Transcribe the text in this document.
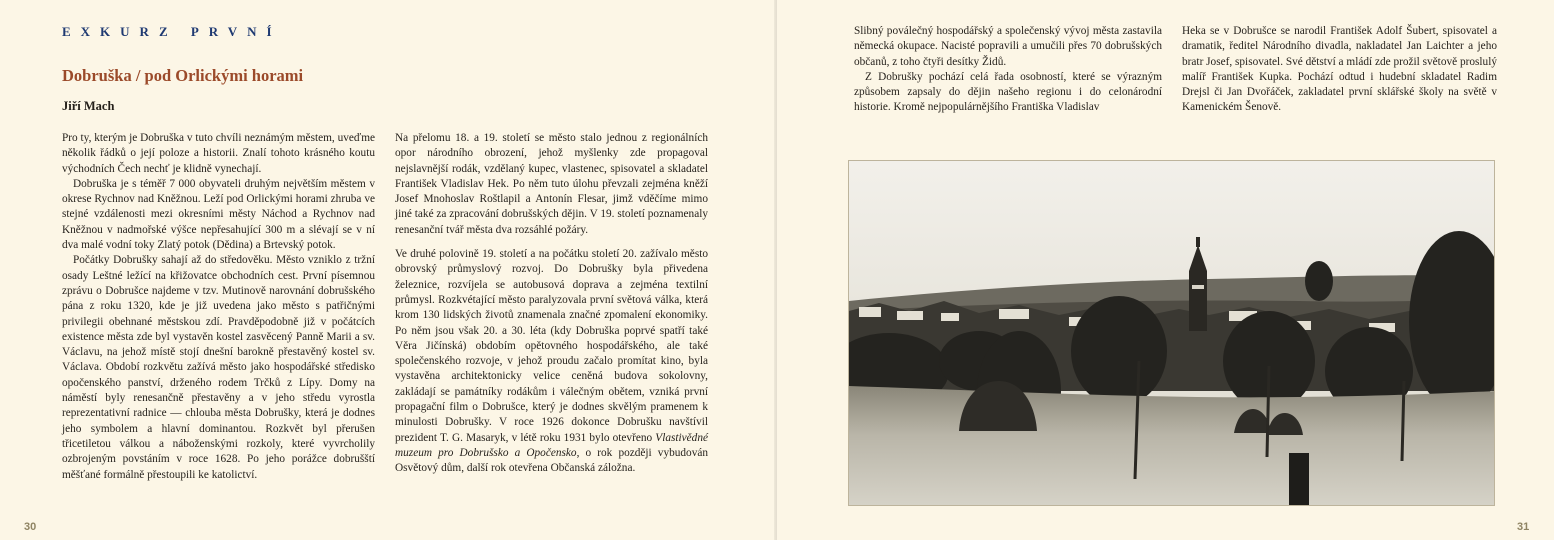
EXKURZ PRVNÍ
Dobruška / pod Orlickými horami
Jiří Mach

Pro ty, kterým je Dobruška v tuto chvíli neznámým městem, uveďme několik řádků o její poloze a historii. Znalí tohoto krásného koutu východních Čech nechť je klidně vynechají.

Dobruška je s téměř 7 000 obyvateli druhým největším městem v okrese Rychnov nad Kněžnou. Leží pod Orlickými horami zhruba ve stejné vzdálenosti mezi okresními městy Náchod a Rychnov nad Kněžnou v nadmořské výšce nepřesahující 300 m a slévají se v ní dva malé vodní toky Zlatý potok (Dědina) a Brtevský potok.

Počátky Dobrušky sahají až do středověku. Město vzniklo z tržní osady Leštné ležící na křižovatce obchodních cest. První písemnou zprávu o Dobrušce najdeme v tzv. Mutinově narovnání dobrušského pána z roku 1320, kde je již uvedena jako město s patřičnými privilegii obehnané městskou zdí. Pravděpodobně již v počátcích existence města zde byl vystavěn kostel zasvěcený Panně Marii a sv. Václavu, na jehož místě stojí dnešní barokně přestavěný kostel sv. Václava. Období rozkvětu zažívá město jako hospodářské středisko opočenského panství, drženého rodem Trčků z Lípy. Domy na náměstí byly renesančně přestavěny a v jeho středu vyrostla reprezentativní radnice — chlouba města Dobrušky, která je dodnes jeho symbolem a hlavní dominantou. Rozkvět byl přerušen třicetiletou válkou a náboženskými rozkoly, které vyvrcholily ozbrojeným povstáním v roce 1628. Po jeho porážce dobrušští měšťané formálně přestoupili ke katolictví.

Na přelomu 18. a 19. století se město stalo jednou z regionálních opor národního obrození, jehož myšlenky zde propagoval nejslavnější rodák, vzdělaný kupec, vlastenec, spisovatel a skladatel František Vladislav Hek. Po něm tuto úlohu převzali zejména kněží Josef Mnohoslav Roštlapil a Antonín Flesar, jimž vděčíme mimo jiné také za zpracování dobrušských dějin. V 19. století poznamenaly renesanční tvář města dva rozsáhlé požáry.

Ve druhé polovině 19. století a na počátku století 20. zažívalo město obrovský průmyslový rozvoj. Do Dobrušky byla přivedena železnice, rozvíjela se autobusová doprava a zejména textilní průmysl. Rozkvétající město paralyzovala první světová válka, která krom 130 lidských životů znamenala značné zpomalení ekonomiky. Po něm jsou však 20. a 30. léta (kdy Dobruška poprvé spatří také Věra Jičínská) obdobím opětovného hospodářského, ale také společenského rozvoje, v jehož proudu začalo promítat kino, byla vystavěna architektonicky velice ceněná budova sokolovny, zakládají se památníky rodákům i válečným obětem, vzniká první propagační film o Dobrušce, který je dodnes skvělým pramenem k minulosti Dobrušky. V roce 1926 dokonce Dobrušku navštívil prezident T. G. Masaryk, v létě roku 1931 bylo otevřeno Vlastivědné muzeum pro Dobrušsko a Opočensko, o rok později vybudován Osvětový dům, další rok otevřena Občanská záložna.

30

Slibný poválečný hospodářský a společenský vývoj města zastavila německá okupace. Nacisté popravili a umučili přes 70 dobrušských občanů, z toho čtyři desítky Židů.

Z Dobrušky pochází celá řada osobností, které se výrazným způsobem zapsaly do dějin našeho regionu i do celonárodní historie. Kromě nejpopulárnějšího Františka Vladislav

Heka se v Dobrušce se narodil František Adolf Šubert, spisovatel a dramatik, ředitel Národního divadla, nakladatel Jan Laichter a jeho bratr Josef, spisovatel. Své dětství a mládí zde prožil světově proslulý malíř František Kupka. Pochází odtud i hudební skladatel Radim Drejsl či Jan Dvořáček, zakladatel první sklářské školy na světě v Kamenickém Šenově.

31
